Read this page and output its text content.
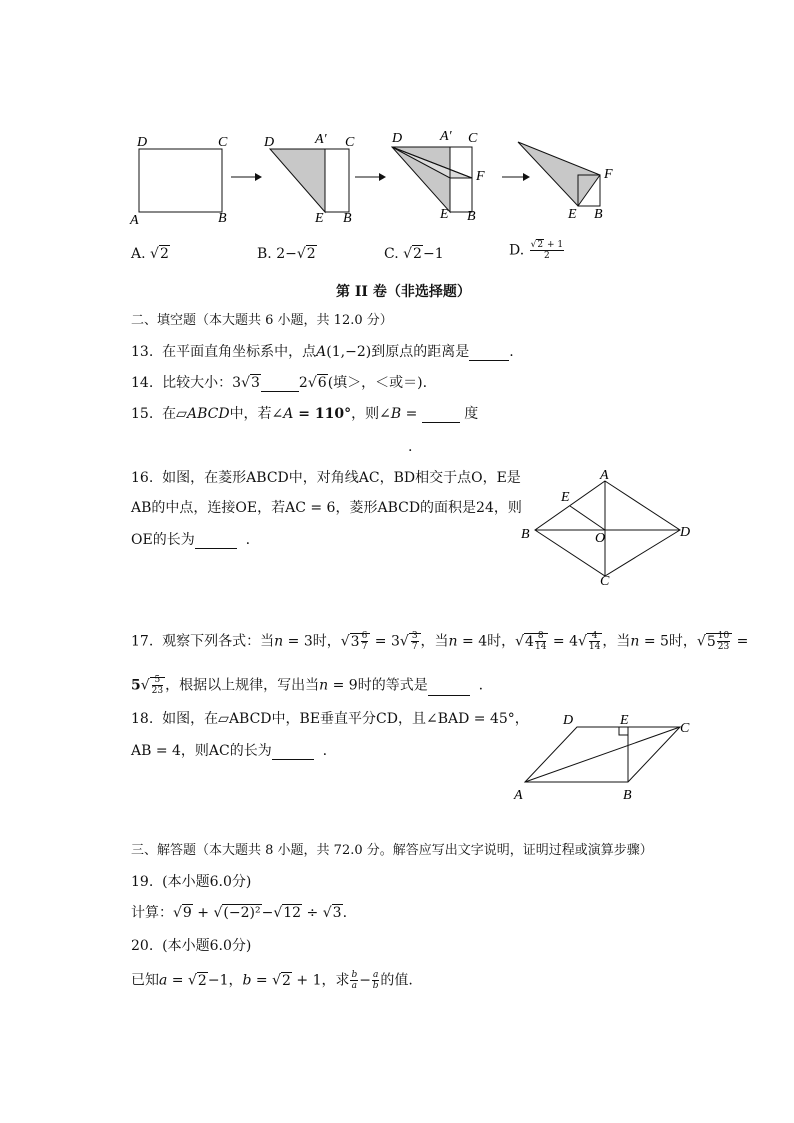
D	C
A	B
D	A′ C
E B
D	A′ C
F
E B
F
E B
A. √2	B. 2−√2	C. √2−1	D. $\frac{√2 + 1}{2}$
第 II 卷（非选择题）
二、填空题（本大题共 6 小题，共 12.0 分）
13. 在平面直角坐标系中，点A(1,−2)到原点的距离是	.
14.  比较大小：3√3	2√6(填＞，＜或＝).
15. 在▱ABCD中，若∠A = 110°，则∠B =	度
.
16. 如图，在菱形ABCD中，对角线AC，BD相交于点O，E是
AB的中点，连接OE，若AC = 6，菱形ABCD的面积是24，则
OE的长为	.
A
B
C
D
E
O
17. 观察下列各式：当n = 3时，$√3 \frac{6}{7} = 3√ \frac{3}{7}$ ，当n = 4时，$√4 \frac{8}{14} = 4√ \frac{4}{14}$ ，当n = 5时，$√5 \frac{10}{23}$ =
$5√ \frac{5}{23}$ ，根据以上规律，写出当n = 9时的等式是	.
18. 如图，在▱ABCD中，BE垂直平分CD，且∠BAD = 45°，
AB = 4，则AC的长为	.
D	E
C
A	B
三、解答题（本大题共 8 小题，共 72.0 分。解答应写出文字说明，证明过程或演算步骤）
19. (本小题6.0分)
计算：√9 + √(−2)²−√12 ÷ √3.
20. (本小题6.0分)
已知a = √2−1，b = √2 + 1，求 $\frac{b}{a} - \frac{a}{b}$ 的值.
